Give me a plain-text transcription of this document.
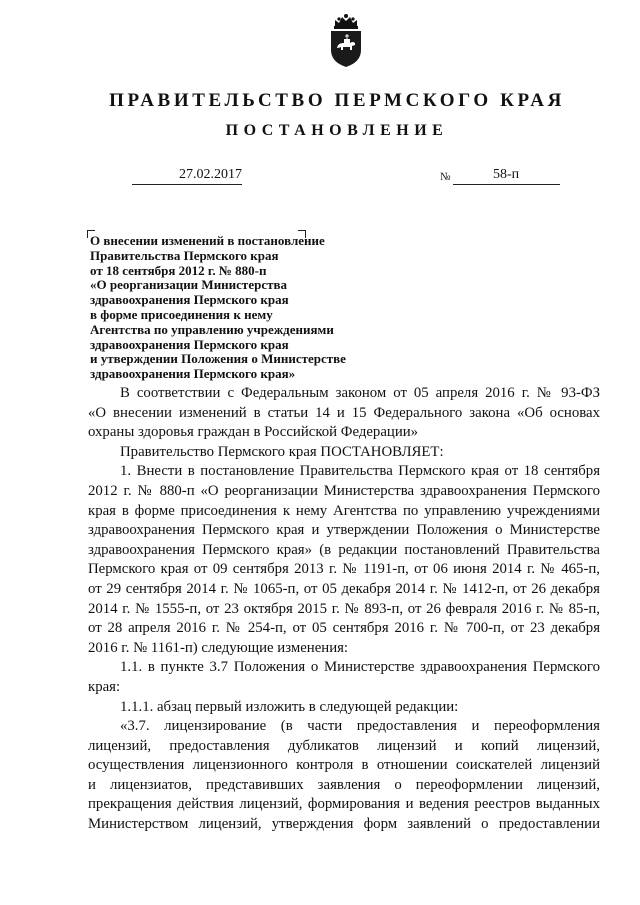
ПРАВИТЕЛЬСТВО ПЕРМСКОГО КРАЯ
ПОСТАНОВЛЕНИЕ
27.02.2017	№	58-п
О внесении изменений в постановление
Правительства Пермского края
от 18 сентября 2012 г. № 880-п
«О реорганизации Министерства
здравоохранения Пермского края
в форме присоединения к нему
Агентства по управлению учреждениями
здравоохранения Пермского края
и утверждении Положения о Министерстве
здравоохранения Пермского края»
В соответствии с Федеральным законом от 05 апреля 2016 г. № 93-ФЗ
«О внесении изменений в статьи 14 и 15 Федерального закона «Об основах
охраны здоровья граждан в Российской Федерации»
Правительство Пермского края ПОСТАНОВЛЯЕТ:
1. Внести в постановление Правительства Пермского края от 18 сентября
2012 г. № 880-п «О реорганизации Министерства здравоохранения Пермского
края в форме присоединения к нему Агентства по управлению учреждениями
здравоохранения Пермского края и утверждении Положения о Министерстве
здравоохранения Пермского края» (в редакции постановлений Правительства
Пермского края от 09 сентября 2013 г. № 1191-п, от 06 июня 2014 г. № 465-п,
от 29 сентября 2014 г. № 1065-п, от 05 декабря 2014 г. № 1412-п, от 26 декабря
2014 г. № 1555-п, от 23 октября 2015 г. № 893-п, от 26 февраля 2016 г. № 85-п,
от 28 апреля 2016 г. № 254-п, от 05 сентября 2016 г. № 700-п, от 23 декабря
2016 г. № 1161-п) следующие изменения:
1.1. в пункте 3.7 Положения о Министерстве здравоохранения Пермского
края:
1.1.1. абзац первый изложить в следующей редакции:
«3.7. лицензирование (в части предоставления и переоформления
лицензий, предоставления дубликатов лицензий и копий лицензий,
осуществления лицензионного контроля в отношении соискателей лицензий
и лицензиатов, представивших заявления о переоформлении лицензий,
прекращения действия лицензий, формирования и ведения реестров выданных
Министерством лицензий, утверждения форм заявлений о предоставлении
